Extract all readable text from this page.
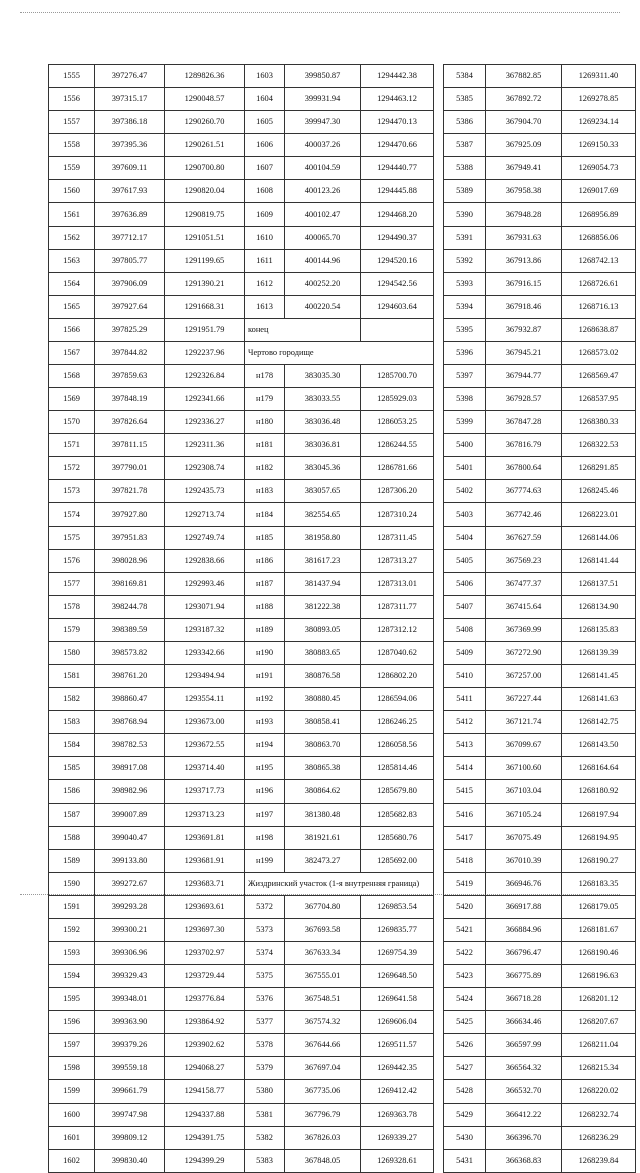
1555	397276.47	1289826.36
1556	397315.17	1290048.57
1557	397386.18	1290260.70
1558	397395.36	1290261.51
1559	397609.11	1290700.80
1560	397617.93	1290820.04
1561	397636.89	1290819.75
1562	397712.17	1291051.51
1563	397805.77	1291199.65
1564	397906.09	1291390.21
1565	397927.64	1291668.31
1566	397825.29	1291951.79
1567	397844.82	1292237.96
1568	397859.63	1292326.84
1569	397848.19	1292341.66
1570	397826.64	1292336.27
1571	397811.15	1292311.36
1572	397790.01	1292308.74
1573	397821.78	1292435.73
1574	397927.80	1292713.74
1575	397951.83	1292749.74
1576	398028.96	1292838.66
1577	398169.81	1292993.46
1578	398244.78	1293071.94
1579	398389.59	1293187.32
1580	398573.82	1293342.66
1581	398761.20	1293494.94
1582	398860.47	1293554.11
1583	398768.94	1293673.00
1584	398782.53	1293672.55
1585	398917.08	1293714.40
1586	398982.96	1293717.73
1587	399007.89	1293713.23
1588	399040.47	1293691.81
1589	399133.80	1293681.91
1590	399272.67	1293683.71
1591	399293.28	1293693.61
1592	399300.21	1293697.30
1593	399306.96	1293702.97
1594	399329.43	1293729.44
1595	399348.01	1293776.84
1596	399363.90	1293864.92
1597	399379.26	1293902.62
1598	399559.18	1294068.27
1599	399661.79	1294158.77
1600	399747.98	1294337.88
1601	399809.12	1294391.75
1602	399830.40	1294399.29
1603	399850.87	1294442.38
1604	399931.94	1294463.12
1605	399947.30	1294470.13
1606	400037.26	1294470.66
1607	400104.59	1294440.77
1608	400123.26	1294445.88
1609	400102.47	1294468.20
1610	400065.70	1294490.37
1611	400144.96	1294520.16
1612	400252.20	1294542.56
1613	400220.54	1294603.64
конец		
Чертово городище		
н178	383035.30	1285700.70
н179	383033.55	1285929.03
н180	383036.48	1286053.25
н181	383036.81	1286244.55
н182	383045.36	1286781.66
н183	383057.65	1287306.20
н184	382554.65	1287310.24
н185	381958.80	1287311.45
н186	381617.23	1287313.27
н187	381437.94	1287313.01
н188	381222.38	1287311.77
н189	380893.05	1287312.12
н190	380883.65	1287040.62
н191	380876.58	1286802.20
н192	380880.45	1286594.06
н193	380858.41	1286246.25
н194	380863.70	1286058.56
н195	380865.38	1285814.46
н196	380864.62	1285679.80
н197	381380.48	1285682.83
н198	381921.61	1285680.76
н199	382473.27	1285692.00
Жиздринский участок (1-я внутренняя граница)		
5372	367704.80	1269853.54
5373	367693.58	1269835.77
5374	367633.34	1269754.39
5375	367555.01	1269648.50
5376	367548.51	1269641.58
5377	367574.32	1269606.04
5378	367644.66	1269511.57
5379	367697.04	1269442.35
5380	367735.06	1269412.42
5381	367796.79	1269363.78
5382	367826.03	1269339.27
5383	367848.05	1269328.61
5384	367882.85	1269311.40
5385	367892.72	1269278.85
5386	367904.70	1269234.14
5387	367925.09	1269150.33
5388	367949.41	1269054.73
5389	367958.38	1269017.69
5390	367948.28	1268956.89
5391	367931.63	1268856.06
5392	367913.86	1268742.13
5393	367916.15	1268726.61
5394	367918.46	1268716.13
5395	367932.87	1268638.87
5396	367945.21	1268573.02
5397	367944.77	1268569.47
5398	367928.57	1268537.95
5399	367847.28	1268380.33
5400	367816.79	1268322.53
5401	367800.64	1268291.85
5402	367774.63	1268245.46
5403	367742.46	1268223.01
5404	367627.59	1268144.06
5405	367569.23	1268141.44
5406	367477.37	1268137.51
5407	367415.64	1268134.90
5408	367369.99	1268135.83
5409	367272.90	1268139.39
5410	367257.00	1268141.45
5411	367227.44	1268141.63
5412	367121.74	1268142.75
5413	367099.67	1268143.50
5414	367100.60	1268164.64
5415	367103.04	1268180.92
5416	367105.24	1268197.94
5417	367075.49	1268194.95
5418	367010.39	1268190.27
5419	366946.76	1268183.35
5420	366917.88	1268179.05
5421	366884.96	1268181.67
5422	366796.47	1268190.46
5423	366775.89	1268196.63
5424	366718.28	1268201.12
5425	366634.46	1268207.67
5426	366597.99	1268211.04
5427	366564.32	1268215.34
5428	366532.70	1268220.02
5429	366412.22	1268232.74
5430	366396.70	1268236.29
5431	366368.83	1268239.84
